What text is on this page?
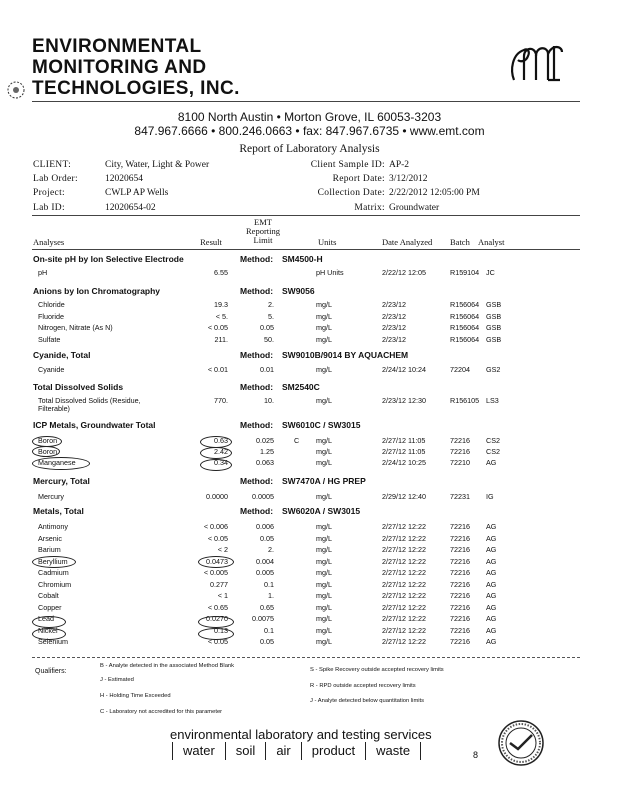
ENVIRONMENTAL
MONITORING AND
TECHNOLOGIES, INC.
8100 North Austin • Morton Grove, IL 60053-3203
847.967.6666 • 800.246.0663 • fax: 847.967.6735 • www.emt.com
Report of Laboratory Analysis
CLIENT:	City, Water, Light & Power
Lab Order:	12020654
Project:	CWLP AP Wells
Lab ID:	12020654-02
Client Sample ID: AP-2
Report Date: 3/12/2012
Collection Date: 2/22/2012 12:05:00 PM
Matrix: Groundwater
Analyses	Result
EMT
Reporting
Limit	Units	Date Analyzed Batch Analyst
On-site pH by Ion Selective Electrode	Method: SM4500-H
pH	6.55	pH Units	2/22/12 12:05	R159104 JC
Anions by Ion Chromatography	Method: SW9056
Chloride	19.3	2.	mg/L	2/23/12	R156064 GSB
Fluoride	< 5.	5.	mg/L	2/23/12	R156064 GSB
Nitrogen, Nitrate (As N)	< 0.05	0.05	mg/L	2/23/12	R156064 GSB
Sulfate	211.	50.	mg/L	2/23/12	R156064 GSB
Cyanide, Total	Method: SW9010B/9014 BY AQUACHEM
Cyanide	< 0.01	0.01	mg/L	2/24/12 10:24	72204	GS2
Total Dissolved Solids	Method: SM2540C
Total Dissolved Solids (Residue,
Filterable)
770.	10.	mg/L	2/23/12 12:30	R156105 LS3
ICP Metals, Groundwater Total	Method: SW6010C / SW3015
Boron	0.63	0.025	C	mg/L	2/27/12 11:05	72216	CS2
Boron	2.42	1.25	mg/L	2/27/12 11:05	72216	CS2
Manganese	0.34	0.063	mg/L	2/24/12 10:25	72210	AG
Mercury, Total	Method: SW7470A / HG PREP
Mercury	0.0000	0.0005	mg/L	2/29/12 12:40	72231	IG
Metals, Total	Method: SW6020A / SW3015
Antimony	< 0.006	0.006	mg/L	2/27/12 12:22	72216	AG
Arsenic	< 0.05	0.05	mg/L	2/27/12 12:22	72216	AG
Barium	< 2	2.	mg/L	2/27/12 12:22	72216	AG
Beryllium	0.0473	0.004	mg/L	2/27/12 12:22	72216	AG
Cadmium	< 0.005	0.005	mg/L	2/27/12 12:22	72216	AG
Chromium	0.277	0.1	mg/L	2/27/12 12:22	72216	AG
Cobalt	< 1	1.	mg/L	2/27/12 12:22	72216	AG
Copper	< 0.65	0.65	mg/L	2/27/12 12:22	72216	AG
Lead	0.0270	0.0075	mg/L	2/27/12 12:22	72216	AG
Nickel	0.13	0.1	mg/L	2/27/12 12:22	72216	AG
Selenium	< 0.05	0.05	mg/L	2/27/12 12:22	72216	AG
Qualifiers:
B - Analyte detected in the associated Method Blank
J - Estimated
H - Holding Time Exceeded
C - Laboratory not accredited for this parameter
S - Spike Recovery outside accepted recovery limits
R - RPD outside accepted recovery limits
J - Analyte detected below quantitation limits
environmental laboratory and testing services
water	soil	air	product	waste	8
